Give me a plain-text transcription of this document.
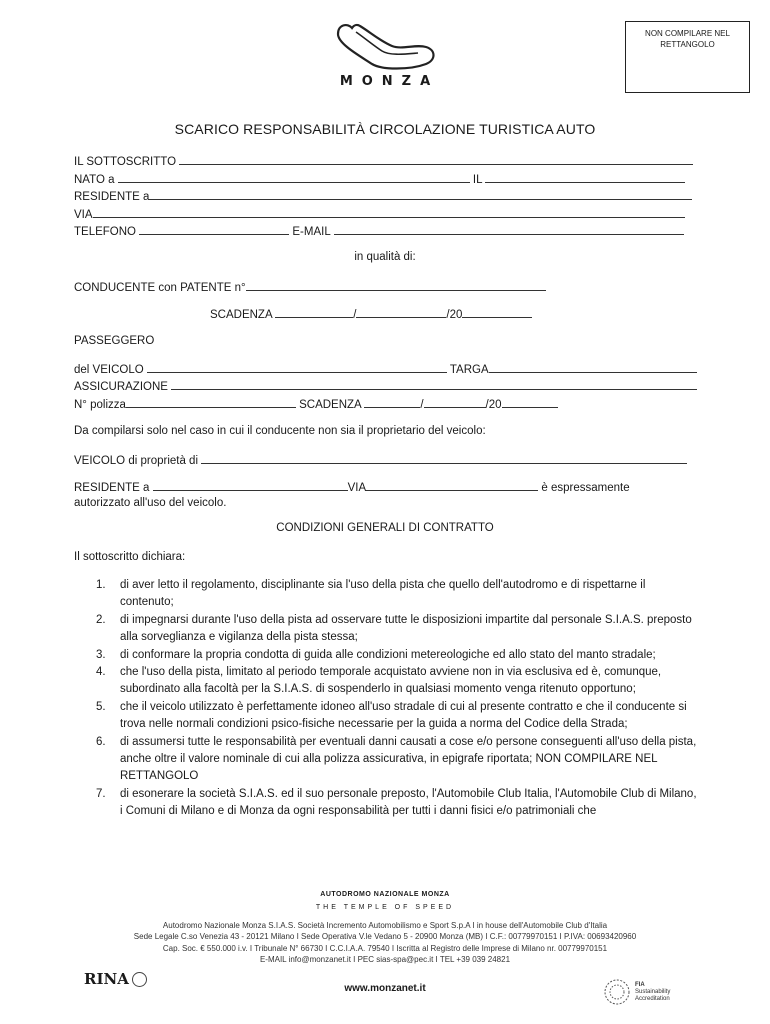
MONZA
NON COMPILARE NEL RETTANGOLO
SCARICO RESPONSABILITÀ CIRCOLAZIONE TURISTICA AUTO
IL SOTTOSCRITTO
NATO a	IL
RESIDENTE a
VIA
TELEFONO	E-MAIL
in qualità di:
CONDUCENTE con PATENTE n°
SCADENZA	/	/20
PASSEGGERO
del VEICOLO	TARGA
ASSICURAZIONE
N° polizza	SCADENZA	/	/20
Da compilarsi solo nel caso in cui il conducente non sia il proprietario del veicolo:
VEICOLO di proprietà di
RESIDENTE a	VIA	è espressamente
autorizzato all'uso del veicolo.
CONDIZIONI GENERALI DI CONTRATTO
Il sottoscritto dichiara:
1. di aver letto il regolamento, disciplinante sia l'uso della pista che quello dell'autodromo e di rispettarne il contenuto;
2. di impegnarsi durante l'uso della pista ad osservare tutte le disposizioni impartite dal personale S.I.A.S. preposto alla sorveglianza e vigilanza della pista stessa;
3. di conformare la propria condotta di guida alle condizioni metereologiche ed allo stato del manto stradale;
4. che l'uso della pista, limitato al periodo temporale acquistato avviene non in via esclusiva ed è, comunque, subordinato alla facoltà per la S.I.A.S. di sospenderlo in qualsiasi momento venga ritenuto opportuno;
5. che il veicolo utilizzato è perfettamente idoneo all'uso stradale di cui al presente contratto e che il conducente si trova nelle normali condizioni psico-fisiche necessarie per la guida a norma del Codice della Strada;
6. di assumersi tutte le responsabilità per eventuali danni causati a cose e/o persone conseguenti all'uso della pista, anche oltre il valore nominale di cui alla polizza assicurativa, in epigrafe riportata; NON COMPILARE NEL RETTANGOLO
7. di esonerare la società S.I.A.S. ed il suo personale preposto, l'Automobile Club Italia, l'Automobile Club di Milano, i Comuni di Milano e di Monza da ogni responsabilità per tutti i danni fisici e/o patrimoniali che
AUTODROMO NAZIONALE MONZA
THE TEMPLE OF SPEED
Autodromo Nazionale Monza S.I.A.S. Società Incremento Automobilismo e Sport S.p.A I in house dell'Automobile Club d'Italia
Sede Legale C.so Venezia 43 - 20121 Milano I Sede Operativa V.le Vedano 5 - 20900 Monza (MB) I C.F.: 00779970151 I P.IVA: 00693420960
Cap. Soc. € 550.000 i.v. I Tribunale N° 66730 I C.C.I.A.A. 79540 I Iscritta al Registro delle Imprese di Milano nr. 00779970151
E-MAIL info@monzanet.it I PEC sias-spa@pec.it I TEL +39 039 24821
www.monzanet.it
RINA	FIA
Sustainability
Accreditation
